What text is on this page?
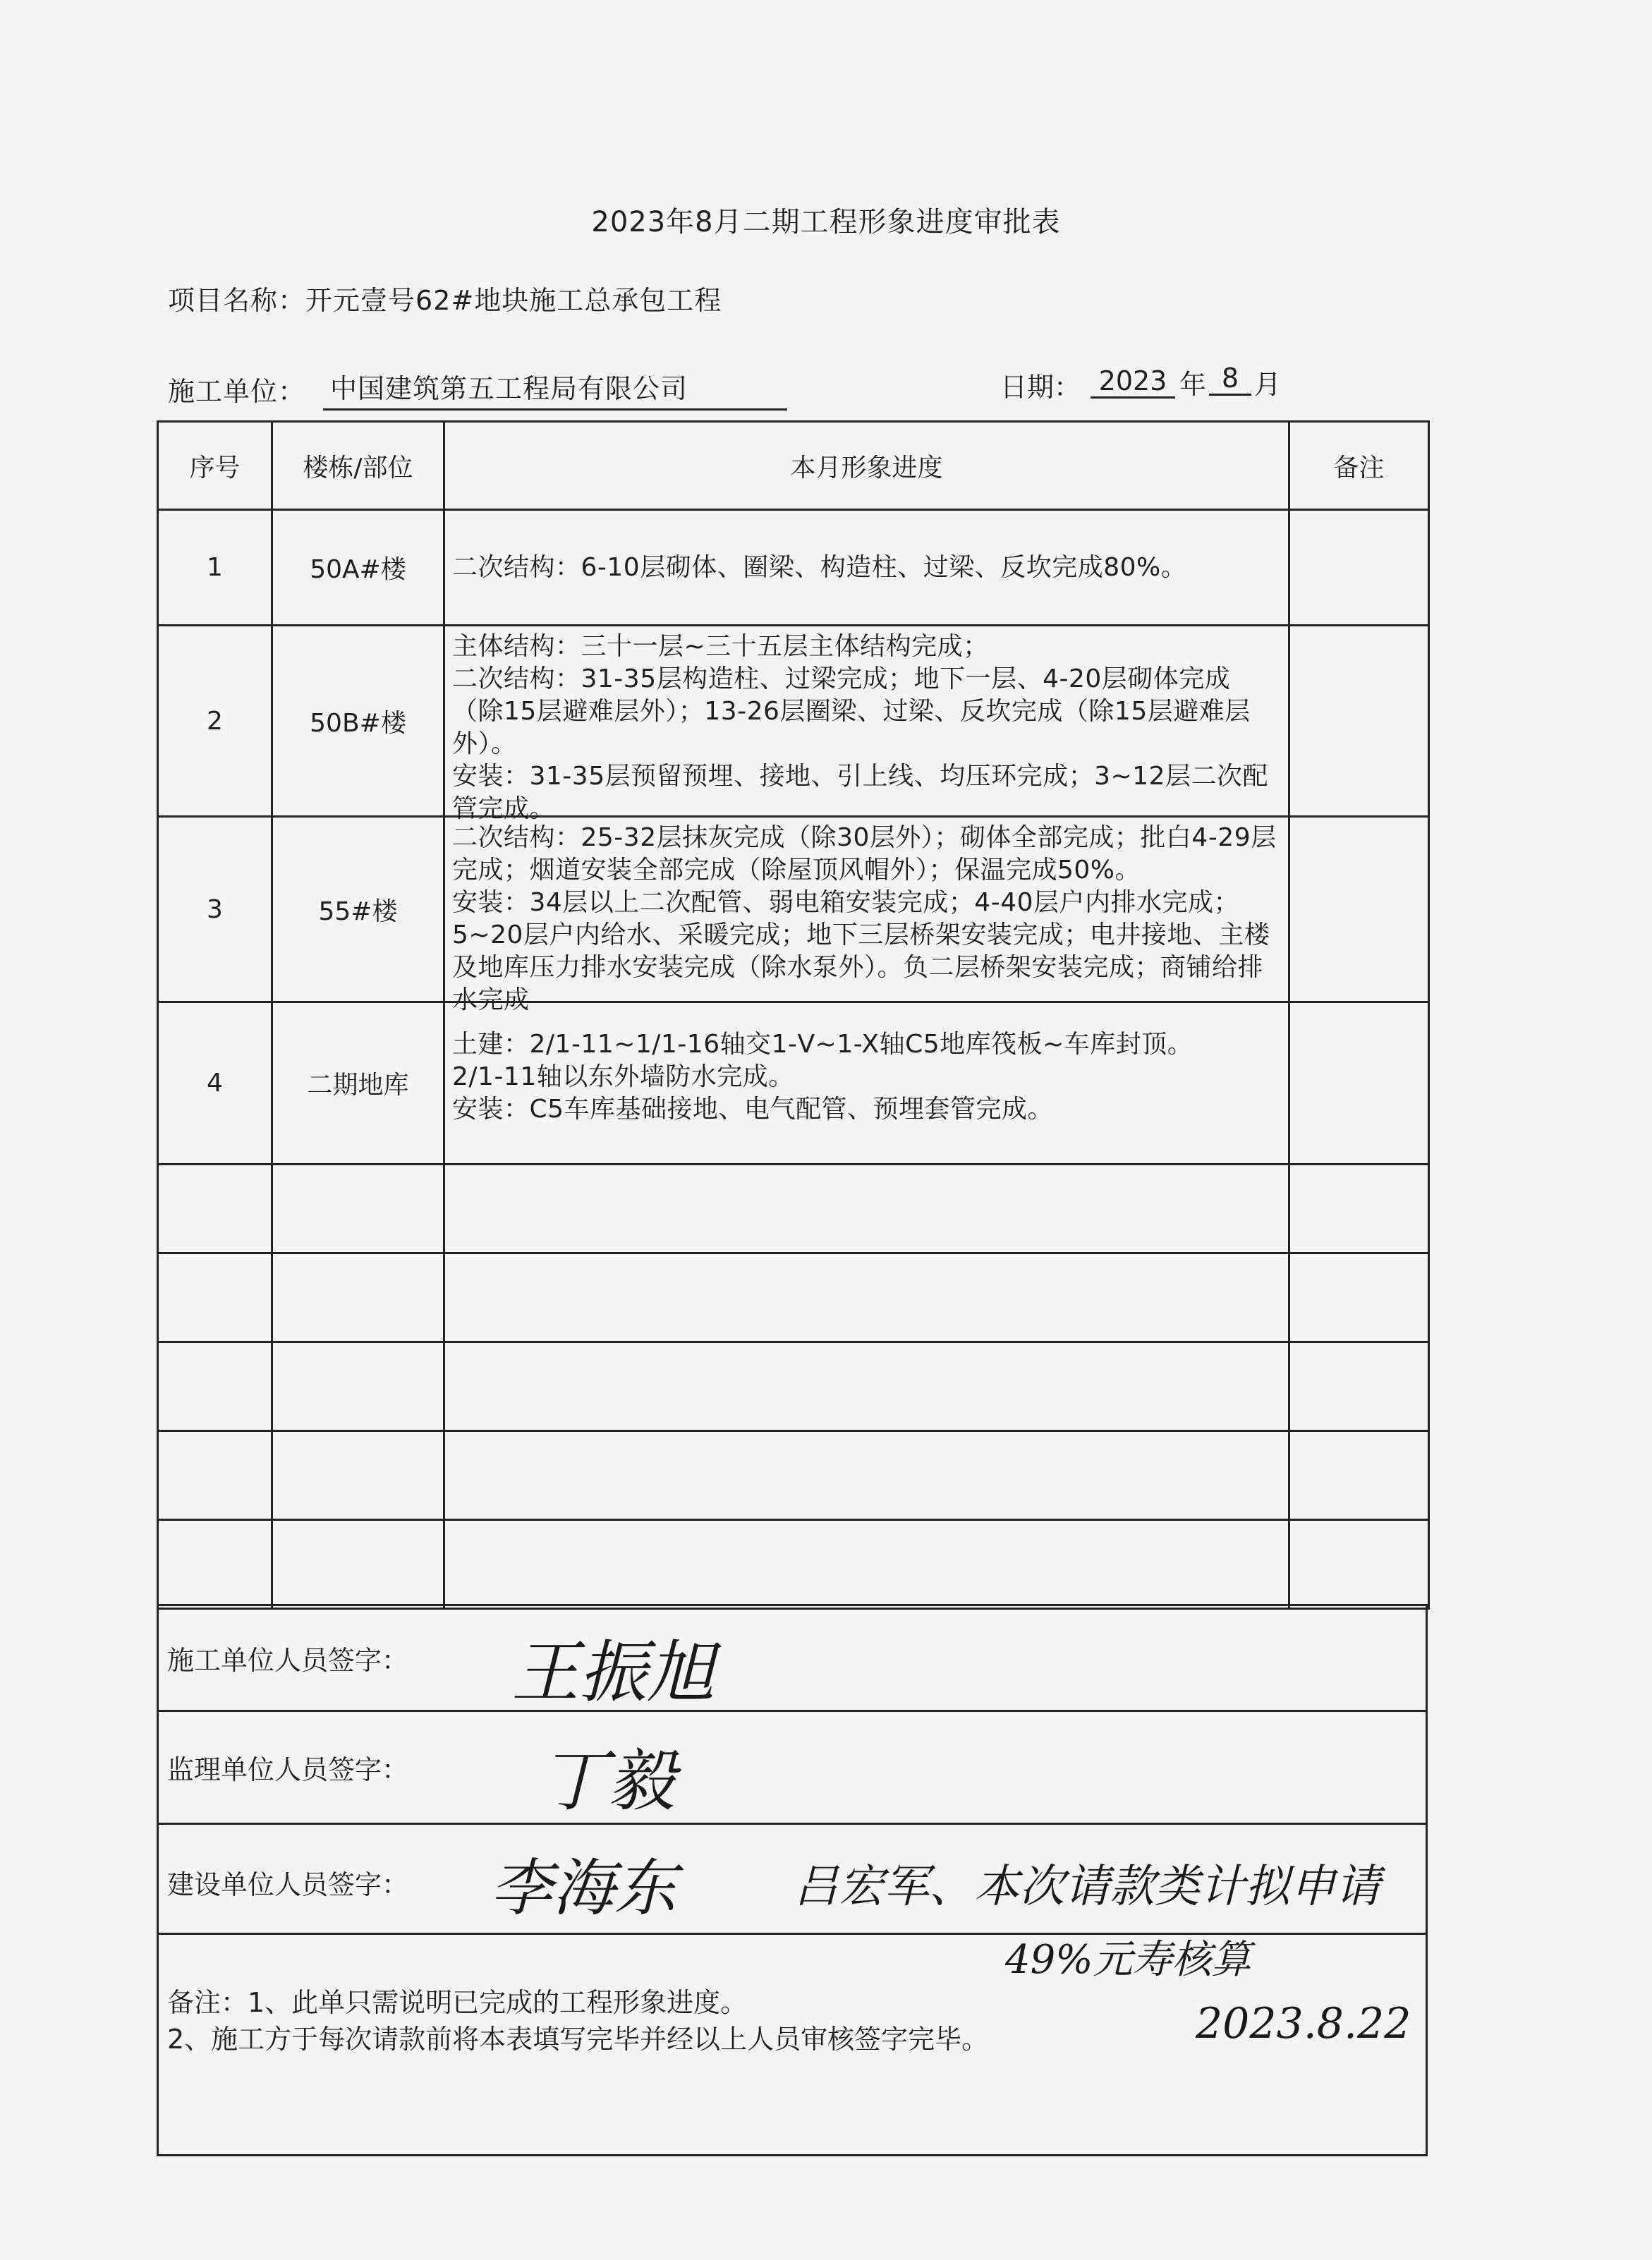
2023年8月二期工程形象进度审批表
项目名称：开元壹号62#地块施工总承包工程
施工单位： 中国建筑第五工程局有限公司	日期： 2023 年 8 月
序号	楼栋/部位	本月形象进度	备注
1	50A#楼	二次结构：6-10层砌体、圈梁、构造柱、过梁、反坎完成80%。	

2	50B#楼	主体结构：三十一层~三十五层主体结构完成；
二次结构：31-35层构造柱、过梁完成；地下一层、4-20层砌体完成（除15层避难层外）；13-26层圈梁、过梁、反坎完成（除15层避难层外）。
安装：31-35层预留预埋、接地、引上线、均压环完成；3~12层二次配管完成。	

3	55#楼	二次结构：25-32层抹灰完成（除30层外）；砌体全部完成；批白4-29层完成；烟道安装全部完成（除屋顶风帽外）；保温完成50%。
安装：34层以上二次配管、弱电箱安装完成；4-40层户内排水完成；5~20层户内给水、采暖完成；地下三层桥架安装完成；电井接地、主楼及地库压力排水安装完成（除水泵外）。负二层桥架安装完成；商铺给排水完成	

4	二期地库	土建：2/1-11~1/1-16轴交1-V~1-X轴C5地库筏板~车库封顶。
2/1-11轴以东外墙防水完成。
安装：C5车库基础接地、电气配管、预埋套管完成。	

施工单位人员签字： 王振旭

监理单位人员签字： 丁毅

建设单位人员签字： 李海东	吕宏军、本次请款类计拟申请

49%元寿核算
2023.8.22
备注：1、此单只需说明已完成的工程形象进度。
2、施工方于每次请款前将本表填写完毕并经以上人员审核签字完毕。
